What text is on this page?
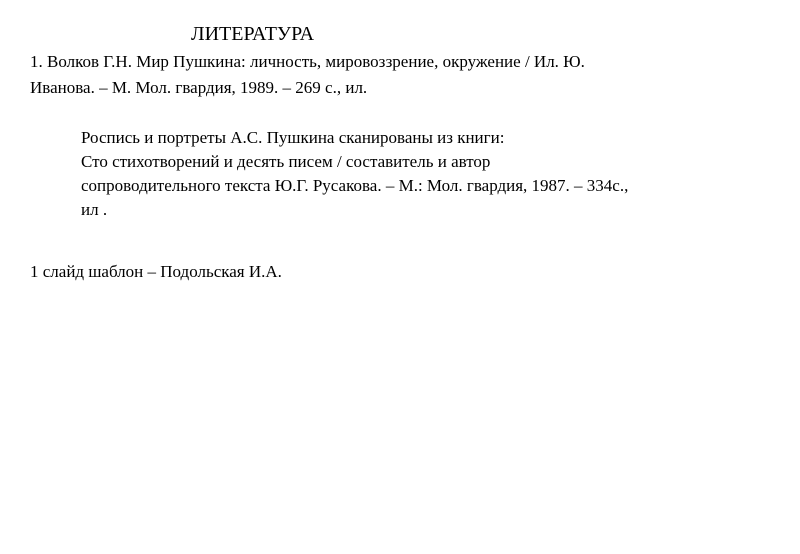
ЛИТЕРАТУРА
1. Волков Г.Н. Мир Пушкина: личность, мировоззрение, окружение / Ил. Ю.
Иванова. – М. Мол. гвардия, 1989. – 269 с., ил.
Роспись и портреты А.С. Пушкина сканированы из книги:
Сто стихотворений и десять писем / составитель и автор
сопроводительного текста Ю.Г. Русакова. – М.: Мол. гвардия, 1987. – 334с.,
ил .
1 слайд шаблон – Подольская И.А.
